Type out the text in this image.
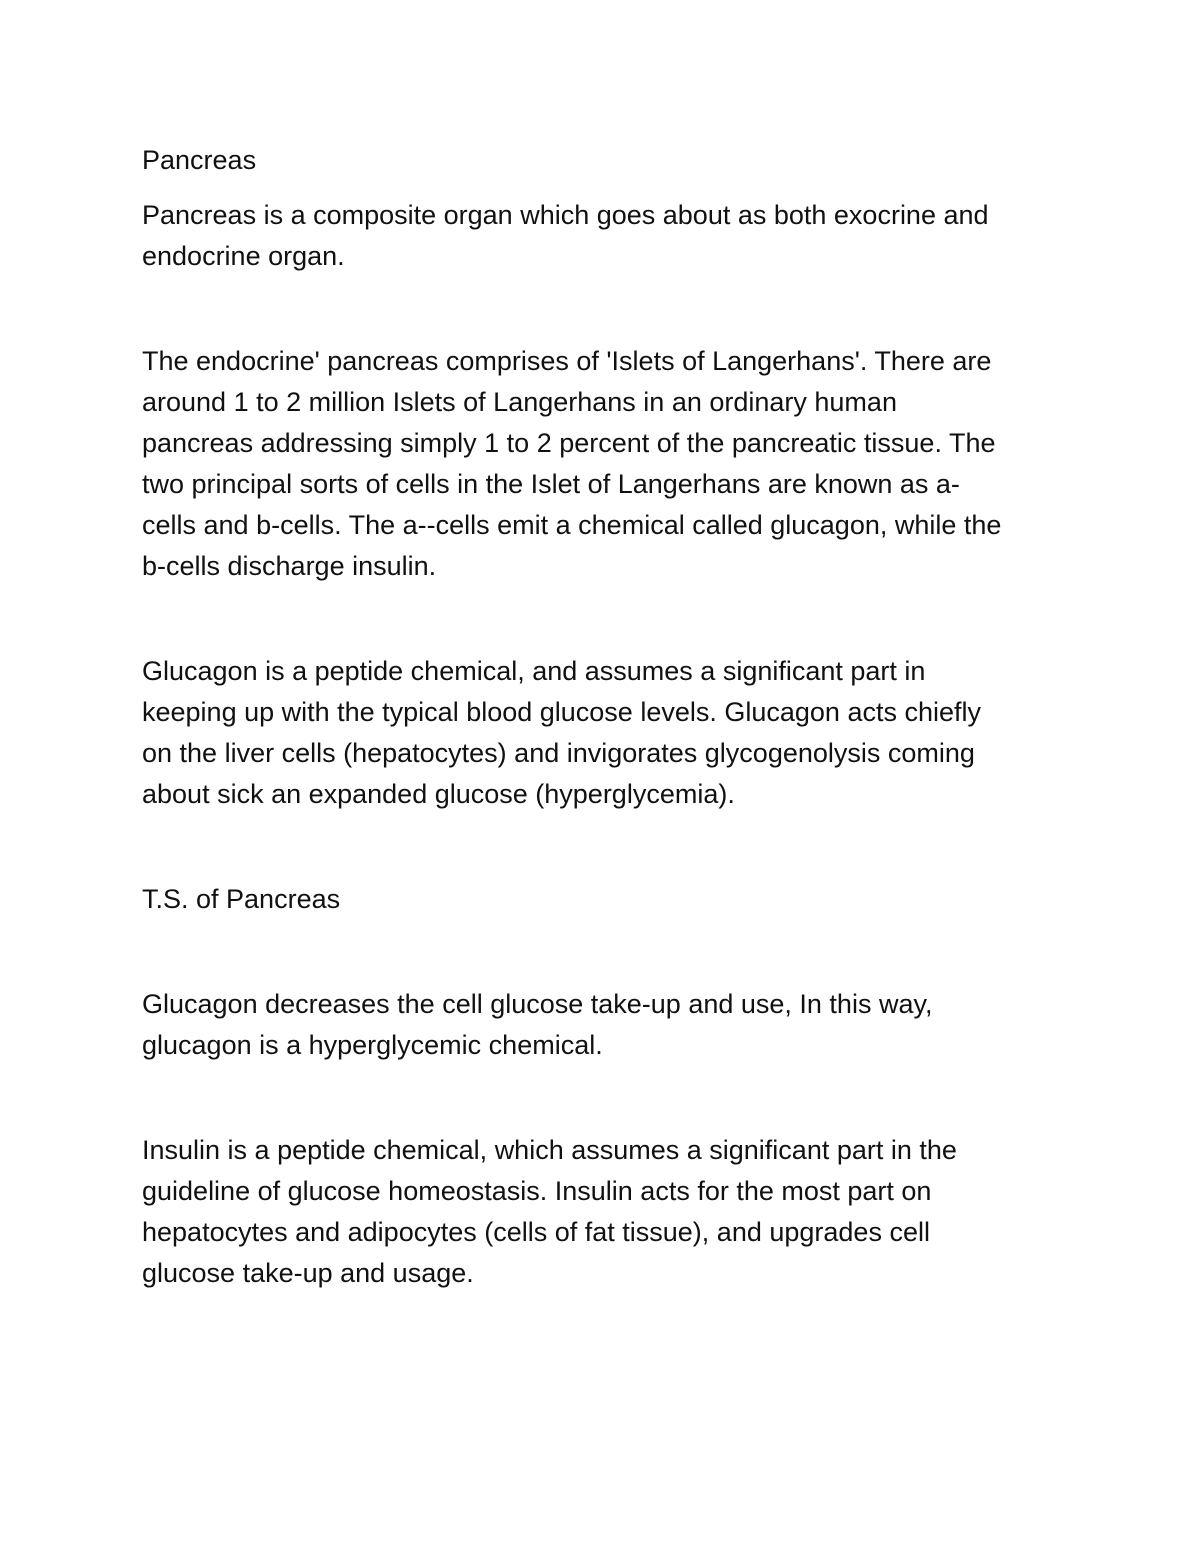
Pancreas
Pancreas is a composite organ which goes about as both exocrine and
endocrine organ.
The endocrine' pancreas comprises of 'Islets of Langerhans'. There are
around 1 to 2 million Islets of Langerhans in an ordinary human
pancreas addressing simply 1 to 2 percent of the pancreatic tissue. The
two principal sorts of cells in the Islet of Langerhans are known as a-
cells and b-cells. The a--cells emit a chemical called glucagon, while the
b-cells discharge insulin.
Glucagon is a peptide chemical, and assumes a significant part in
keeping up with the typical blood glucose levels. Glucagon acts chiefly
on the liver cells (hepatocytes) and invigorates glycogenolysis coming
about sick an expanded glucose (hyperglycemia).
T.S. of Pancreas
Glucagon decreases the cell glucose take-up and use, In this way,
glucagon is a hyperglycemic chemical.
Insulin is a peptide chemical, which assumes a significant part in the
guideline of glucose homeostasis. Insulin acts for the most part on
hepatocytes and adipocytes (cells of fat tissue), and upgrades cell
glucose take-up and usage.
